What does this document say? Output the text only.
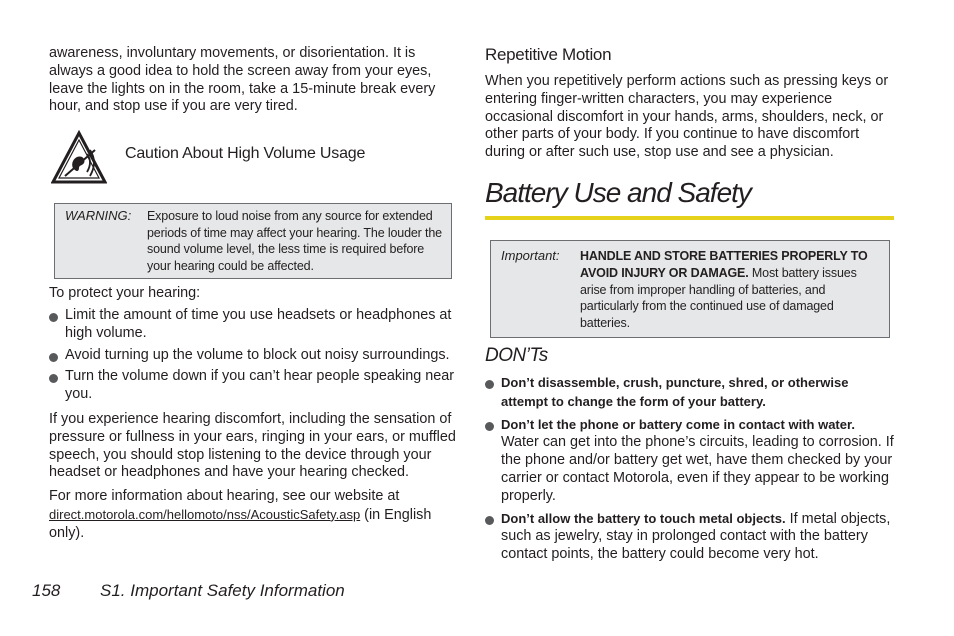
awareness, involuntary movements, or disorientation. It is always a good idea to hold the screen away from your eyes, leave the lights on in the room, take a 15-minute break every hour, and stop use if you are very tired.

Caution About High Volume Usage
WARNING: Exposure to loud noise from any source for extended periods of time may affect your hearing. The louder the sound volume level, the less time is required before your hearing could be affected.

To protect your hearing:

Limit the amount of time you use headsets or headphones at high volume.
Avoid turning up the volume to block out noisy surroundings.
Turn the volume down if you can’t hear people speaking near you.

If you experience hearing discomfort, including the sensation of pressure or fullness in your ears, ringing in your ears, or muffled speech, you should stop listening to the device through your headset or headphones and have your hearing checked.

For more information about hearing, see our website at
direct.motorola.com/hellomoto/nss/AcousticSafety.asp (in English only).

Repetitive Motion

When you repetitively perform actions such as pressing keys or entering finger-written characters, you may experience occasional discomfort in your hands, arms, shoulders, neck, or other parts of your body. If you continue to have discomfort during or after such use, stop use and see a physician.

Battery Use and Safety
Important: HANDLE AND STORE BATTERIES PROPERLY TO AVOID INJURY OR DAMAGE. Most battery issues arise from improper handling of batteries, and particularly from the continued use of damaged batteries.
DON’Ts
Don’t disassemble, crush, puncture, shred, or otherwise attempt to change the form of your battery.
Don’t let the phone or battery come in contact with water. Water can get into the phone’s circuits, leading to corrosion. If the phone and/or battery get wet, have them checked by your carrier or contact Motorola, even if they appear to be working properly.
Don’t allow the battery to touch metal objects. If metal objects, such as jewelry, stay in prolonged contact with the battery contact points, the battery could become very hot.
158 S1. Important Safety Information
